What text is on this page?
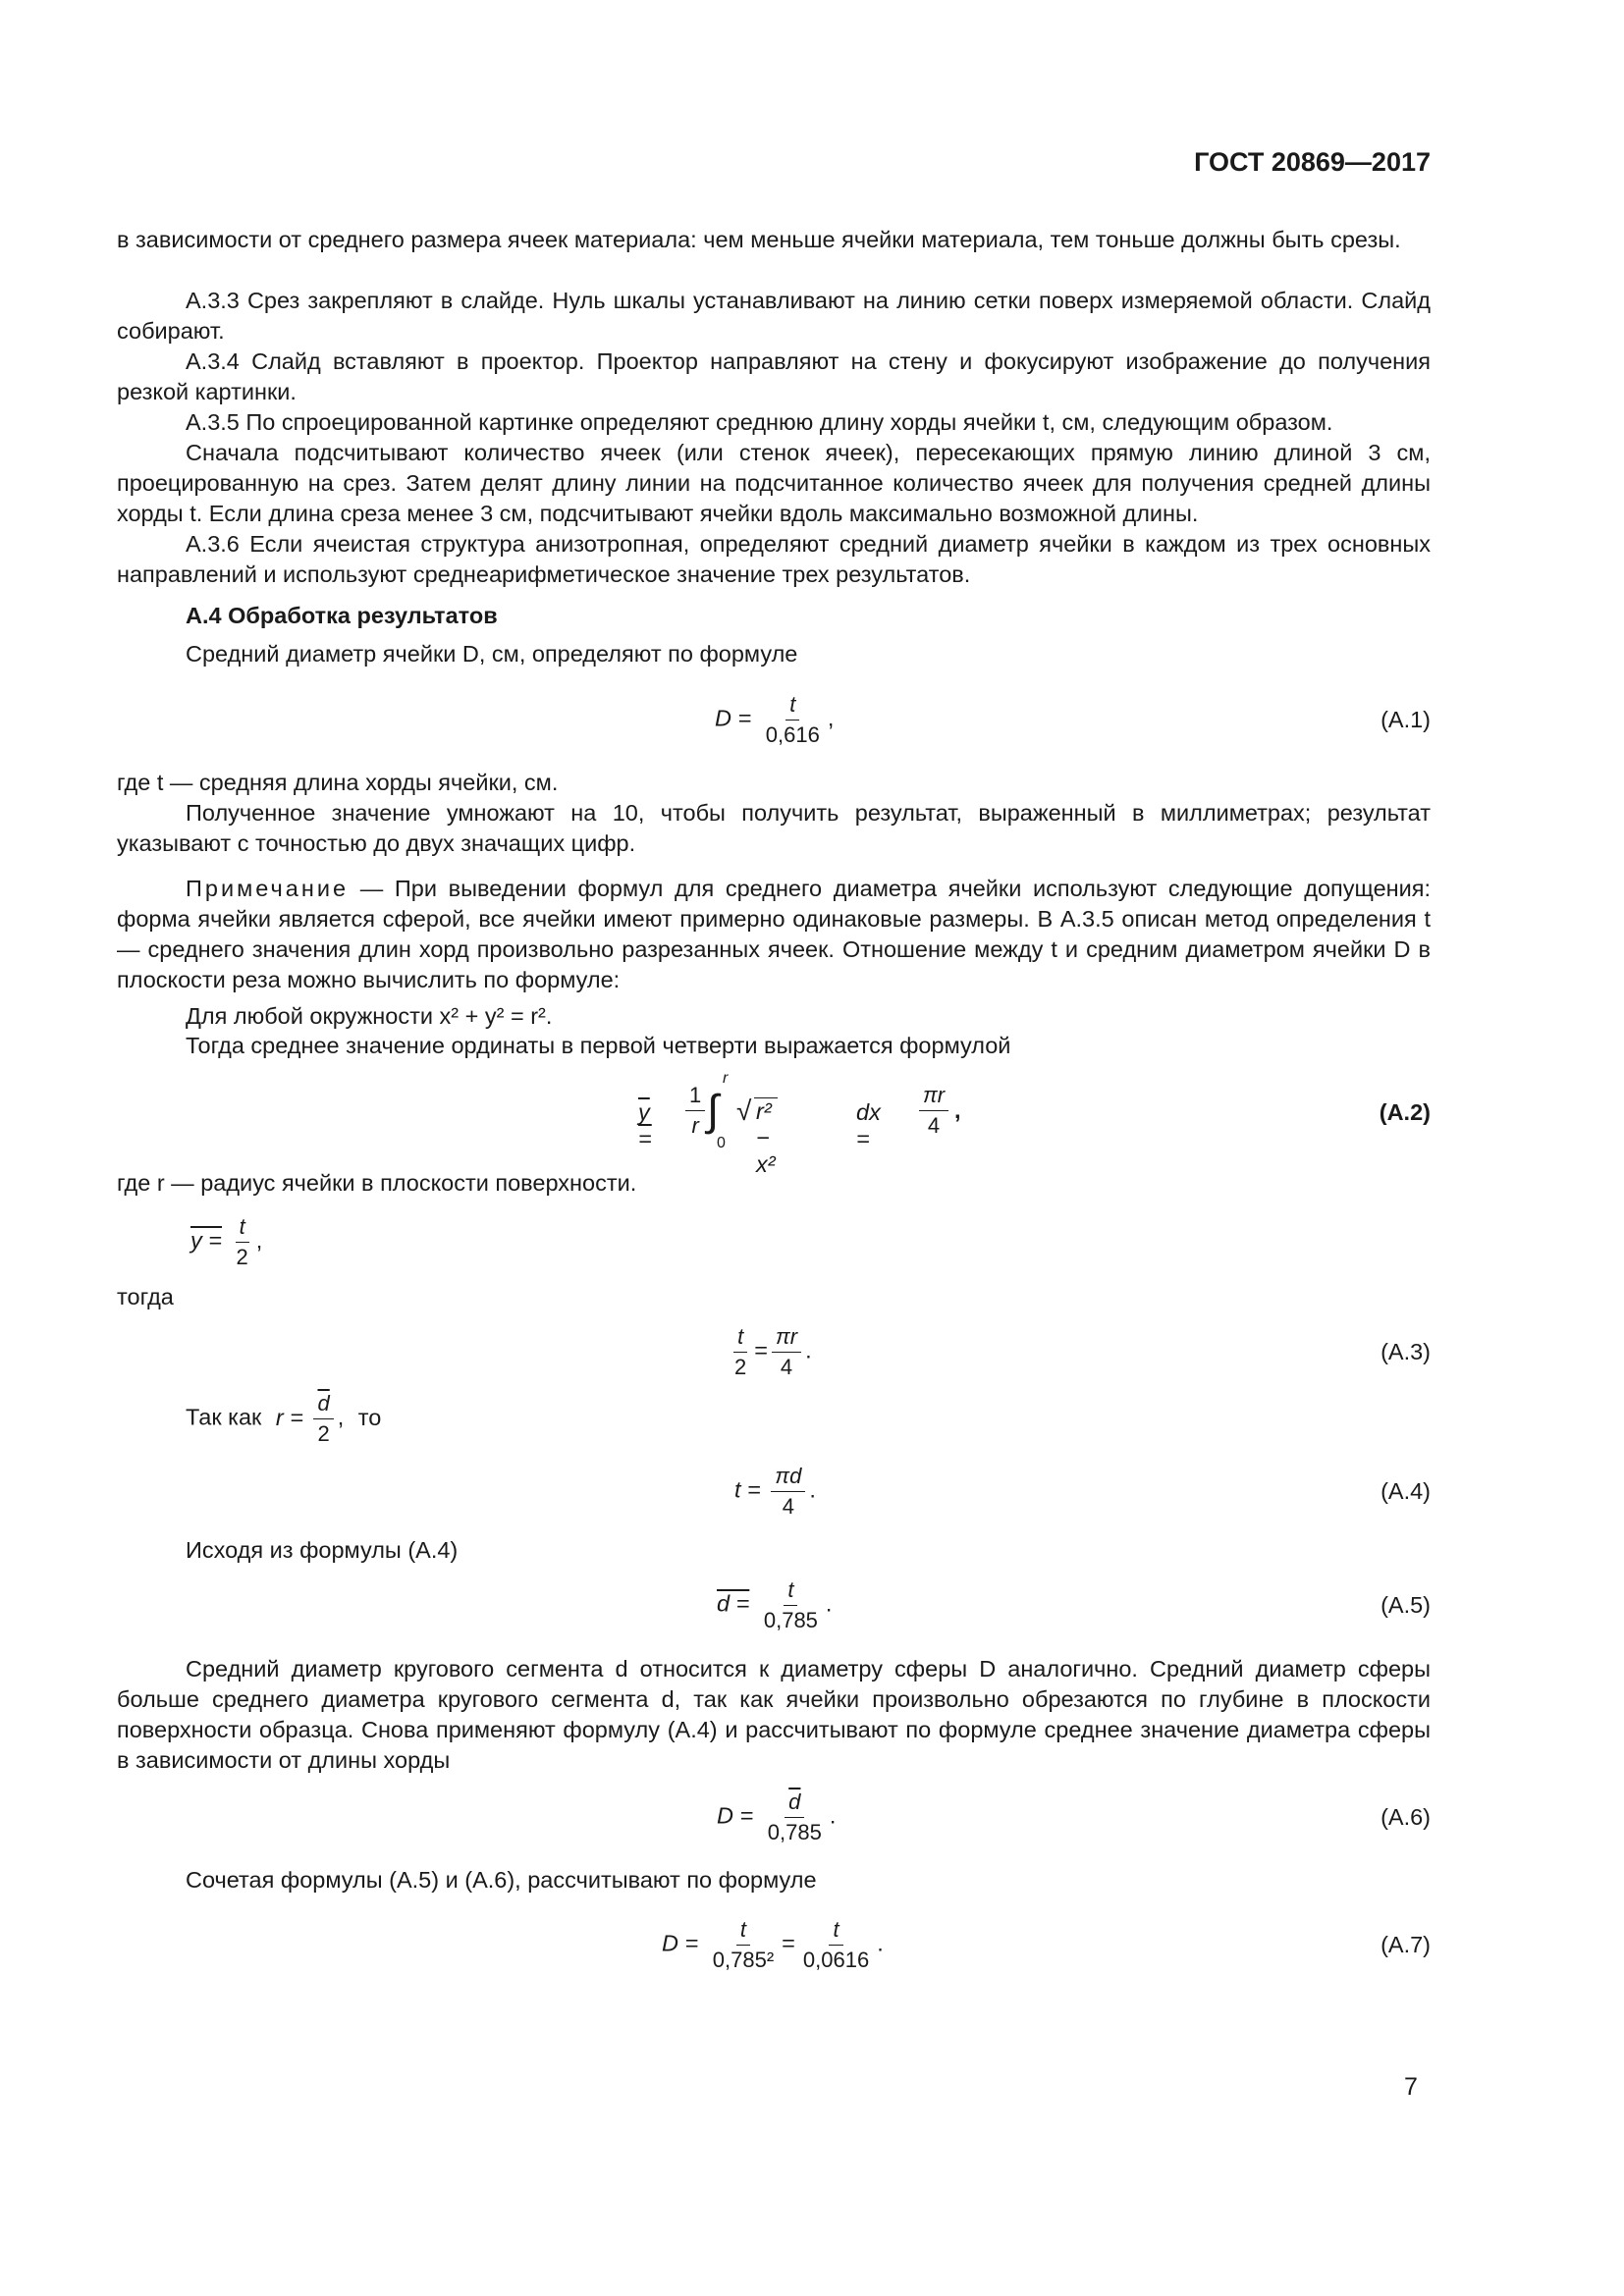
ГОСТ 20869—2017
в зависимости от среднего размера ячеек материала: чем меньше ячейки материала, тем тоньше должны быть срезы.
А.3.3 Срез закрепляют в слайде. Нуль шкалы устанавливают на линию сетки поверх измеряемой области. Слайд собирают.
А.3.4 Слайд вставляют в проектор. Проектор направляют на стену и фокусируют изображение до получения резкой картинки.
А.3.5 По спроецированной картинке определяют среднюю длину хорды ячейки t, см, следующим образом.
Сначала подсчитывают количество ячеек (или стенок ячеек), пересекающих прямую линию длиной 3 см, проецированную на срез. Затем делят длину линии на подсчитанное количество ячеек для получения средней длины хорды t. Если длина среза менее 3 см, подсчитывают ячейки вдоль максимально возможной длины.
А.3.6 Если ячеистая структура анизотропная, определяют средний диаметр ячейки в каждом из трех основных направлений и используют среднеарифметическое значение трех результатов.
А.4 Обработка результатов
Средний диаметр ячейки D, см, определяют по формуле
$D = \frac{t}{0,616}$ ,	(А.1)
где t — средняя длина хорды ячейки, см.
Полученное значение умножают на 10, чтобы получить результат, выраженный в миллиметрах; результат указывают с точностью до двух значащих цифр.
Примечание — При выведении формул для среднего диаметра ячейки используют следующие допущения: форма ячейки является сферой, все ячейки имеют примерно одинаковые размеры. В А.3.5 описан метод определения t — среднего значения длин хорд произвольно разрезанных ячеек. Отношение между t и средним диаметром ячейки D в плоскости реза можно вычислить по формуле:
Для любой окружности x² + y² = r².
Тогда среднее значение ординаты в первой четверти выражается формулой
y =
$\frac{1}{r}$ ∫
r
0
√ r² − x²
dx =
$\frac{\pi r}{4}$ ,	(А.2)
где r — радиус ячейки в плоскости поверхности.
$y = \frac{t}{2}$ ,
тогда
$\frac{t}{2} = \frac{\pi r}{4}$ .	(А.3)
Так как $r = \frac{\overline{d}}{2}$ , то
$t = \frac{\pi d}{4}$ .	(А.4)
Исходя из формулы (А.4)
$d = \frac{t}{0,785}$ .	(А.5)
Средний диаметр кругового сегмента d относится к диаметру сферы D аналогично. Средний диаметр сферы больше среднего диаметра кругового сегмента d, так как ячейки произвольно обрезаются по глубине в плоскости поверхности образца. Снова применяют формулу (А.4) и рассчитывают по формуле среднее значение диаметра сферы в зависимости от длины хорды
$D = \frac{\overline{d}}{0,785}$ .	(А.6)
Сочетая формулы (А.5) и (А.6), рассчитывают по формуле
$D = \frac{t}{\text{0,785²}} = \frac{t}{0,0616}$ .	(А.7)
7
